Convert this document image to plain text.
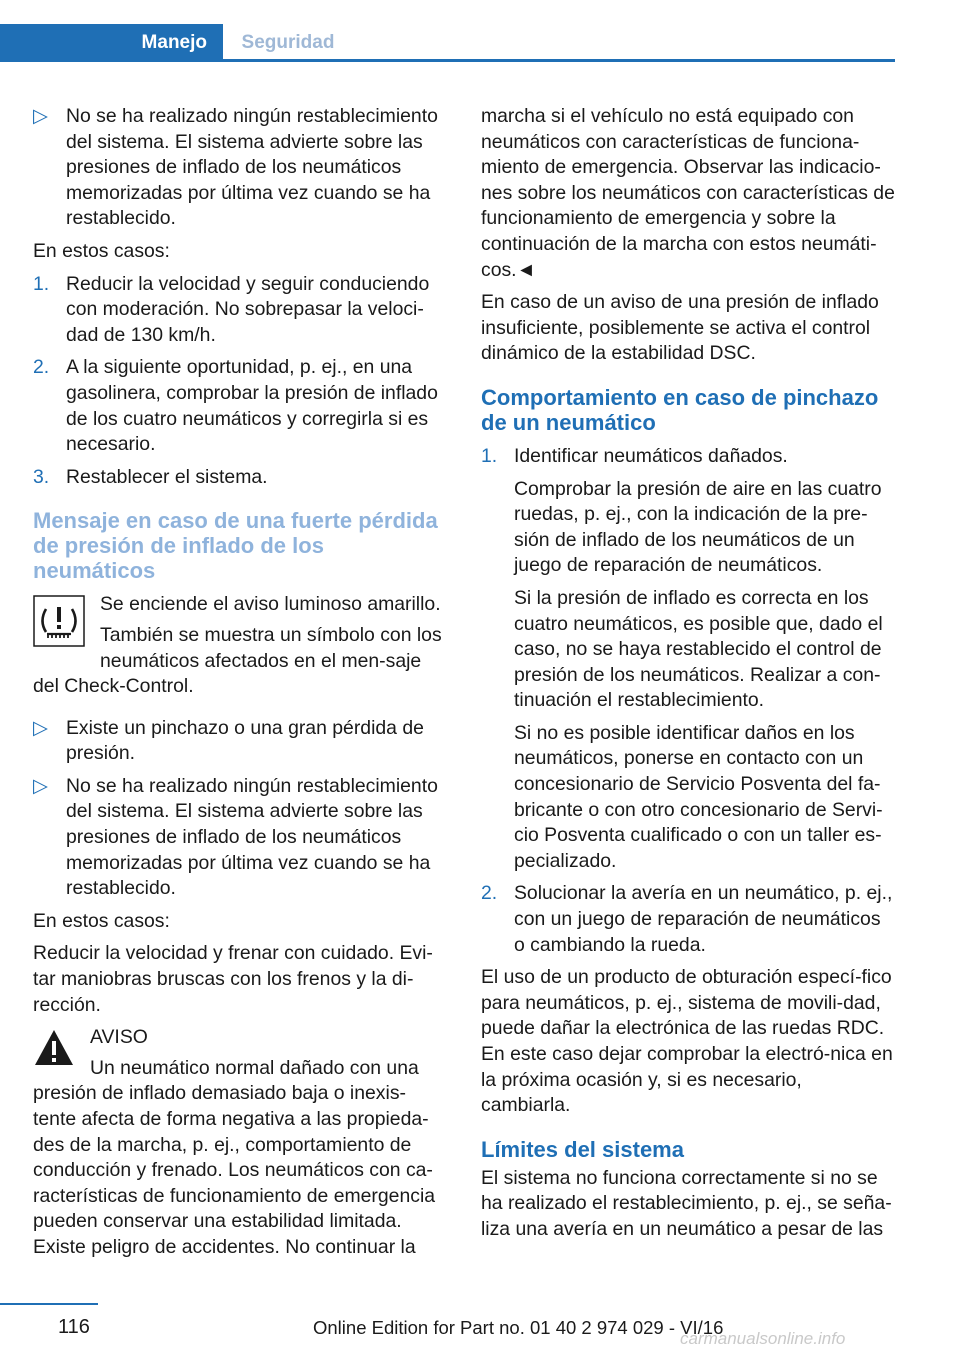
Manejo	Seguridad
▷ No se ha realizado ningún restablecimiento del sistema. El sistema advierte sobre las presiones de inflado de los neumáticos memorizadas por última vez cuando se ha restablecido.

En estos casos:

1. Reducir la velocidad y seguir conduciendo con moderación. No sobrepasar la veloci‐dad de 130 km/h.
2. A la siguiente oportunidad, p. ej., en una gasolinera, comprobar la presión de inflado de los cuatro neumáticos y corregirla si es necesario.
3. Restablecer el sistema.
Mensaje en caso de una fuerte pérdida de presión de inflado de los neumáticos

Se enciende el aviso luminoso amarillo.

También se muestra un símbolo con los neumáticos afectados en el men‐saje del Check-Control.

▷ Existe un pinchazo o una gran pérdida de presión.
▷ No se ha realizado ningún restablecimiento del sistema. El sistema advierte sobre las presiones de inflado de los neumáticos memorizadas por última vez cuando se ha restablecido.

En estos casos:

Reducir la velocidad y frenar con cuidado. Evi‐tar maniobras bruscas con los frenos y la di‐rección.

AVISO

Un neumático normal dañado con una presión de inflado demasiado baja o inexis‐tente afecta de forma negativa a las propieda‐des de la marcha, p. ej., comportamiento de conducción y frenado. Los neumáticos con ca‐racterísticas de funcionamiento de emergencia pueden conservar una estabilidad limitada. Existe peligro de accidentes. No continuar la

marcha si el vehículo no está equipado con neumáticos con características de funciona‐miento de emergencia. Observar las indicacio‐nes sobre los neumáticos con características de funcionamiento de emergencia y sobre la continuación de la marcha con estos neumáti‐cos.◄

En caso de un aviso de una presión de inflado insuficiente, posiblemente se activa el control dinámico de la estabilidad DSC.

Comportamiento en caso de pinchazo de un neumático
1. Identificar neumáticos dañados.

Comprobar la presión de aire en las cuatro ruedas, p. ej., con la indicación de la pre‐sión de inflado de los neumáticos de un juego de reparación de neumáticos.

Si la presión de inflado es correcta en los cuatro neumáticos, es posible que, dado el caso, no se haya restablecido el control de presión de los neumáticos. Realizar a con‐tinuación el restablecimiento.

Si no es posible identificar daños en los neumáticos, ponerse en contacto con un concesionario de Servicio Posventa del fa‐bricante o con otro concesionario de Servi‐cio Posventa cualificado o con un taller es‐pecializado.

2. Solucionar la avería en un neumático, p. ej., con un juego de reparación de neumáticos o cambiando la rueda.

El uso de un producto de obturación especí‐fico para neumáticos, p. ej., sistema de movili‐dad, puede dañar la electrónica de las ruedas RDC. En este caso dejar comprobar la electró‐nica en la próxima ocasión y, si es necesario, cambiarla.

Límites del sistema

El sistema no funciona correctamente si no se ha realizado el restablecimiento, p. ej., se seña‐liza una avería en un neumático a pesar de las

116	Online Edition for Part no. 01 40 2 974 029 - VI/16
carmanualsonline.info
